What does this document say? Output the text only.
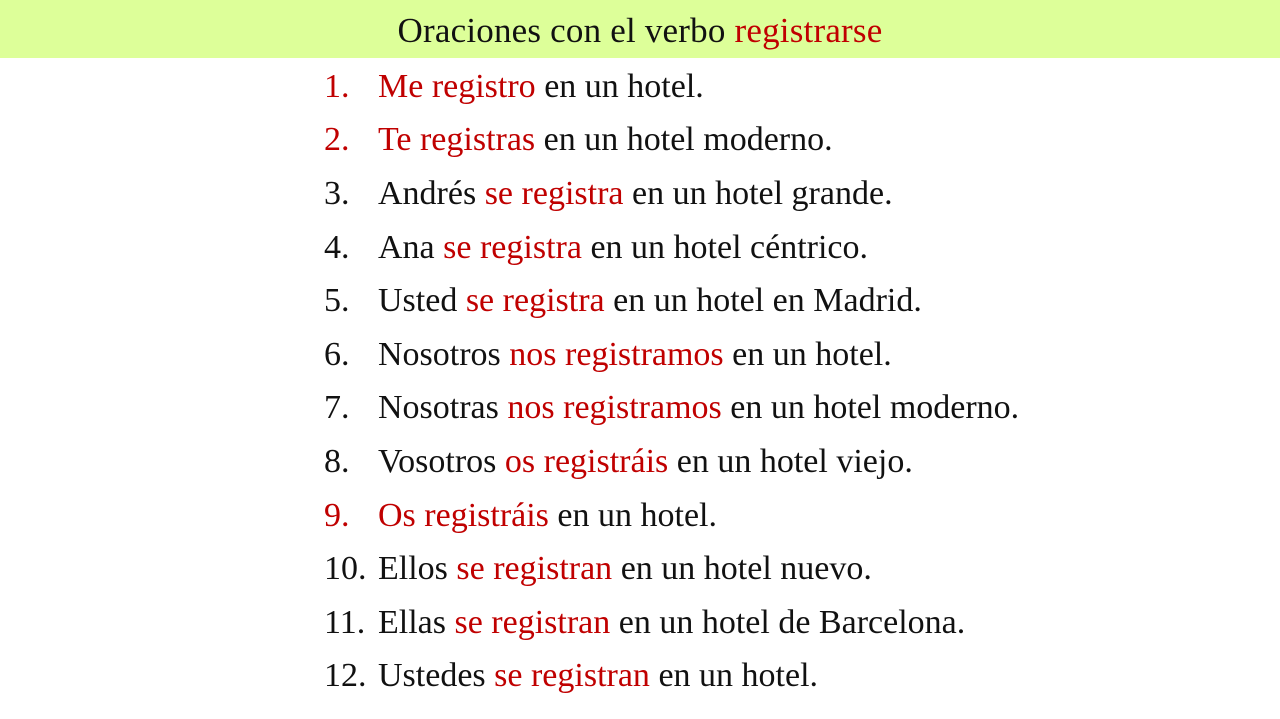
Oraciones con el verbo registrarse
1. Me registro en un hotel.
2. Te registras en un hotel moderno.
3. Andrés se registra en un hotel grande.
4. Ana se registra en un hotel céntrico.
5. Usted se registra en un hotel en Madrid.
6. Nosotros nos registramos en un hotel.
7. Nosotras nos registramos en un hotel moderno.
8. Vosotros os registráis en un hotel viejo.
9. Os registráis en un hotel.
10. Ellos se registran en un hotel nuevo.
11. Ellas se registran en un hotel de Barcelona.
12. Ustedes se registran en un hotel.
